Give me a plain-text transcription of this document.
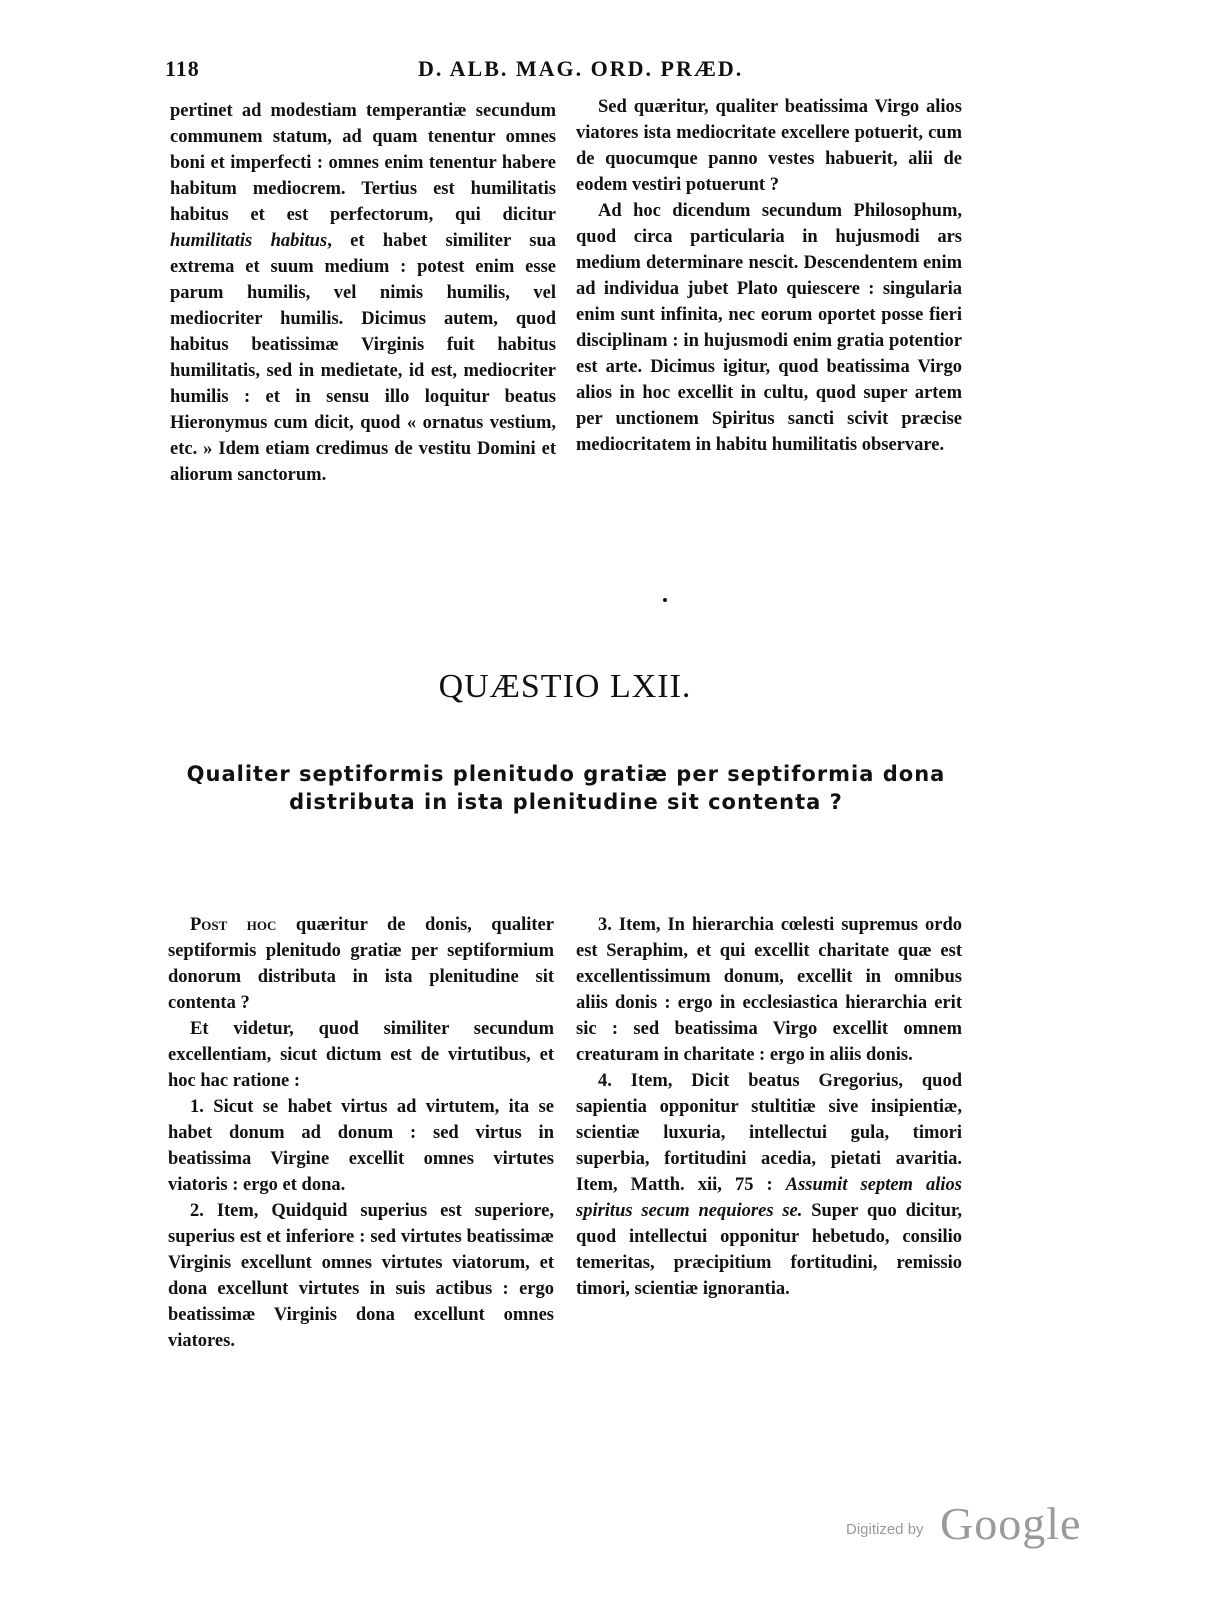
118	D. ALB. MAG. ORD. PRÆD.

pertinet ad modestiam temperantiæ secundum communem statum, ad quam tenentur omnes boni et imperfecti : omnes enim tenentur habere habitum mediocrem. Tertius est humilitatis habitus et est perfectorum, qui dicitur humilitatis habitus, et habet similiter sua extrema et suum medium : potest enim esse parum humilis, vel nimis humilis, vel mediocriter humilis. Dicimus autem, quod habitus beatissimæ Virginis fuit habitus humilitatis, sed in medietate, id est, mediocriter humilis : et in sensu illo loquitur beatus Hieronymus cum dicit, quod « ornatus vestium, etc. » Idem etiam credimus de vestitu Domini et aliorum sanctorum.

Sed quæritur, qualiter beatissima Virgo alios viatores ista mediocritate excellere potuerit, cum de quocumque panno vestes habuerit, alii de eodem vestiri potuerunt ?

Ad hoc dicendum secundum Philosophum, quod circa particularia in hujusmodi ars medium determinare nescit. Descendentem enim ad individua jubet Plato quiescere : singularia enim sunt infinita, nec eorum oportet posse fieri disciplinam : in hujusmodi enim gratia potentior est arte. Dicimus igitur, quod beatissima Virgo alios in hoc excellit in cultu, quod super artem per unctionem Spiritus sancti scivit præcise mediocritatem in habitu humilitatis observare.

QUÆSTIO LXII.
Qualiter septiformis plenitudo gratiæ per septiformia dona distributa in ista plenitudine sit contenta ?

Post hoc quæritur de donis, qualiter septiformis plenitudo gratiæ per septiformium donorum distributa in ista plenitudine sit contenta ?

Et videtur, quod similiter secundum excellentiam, sicut dictum est de virtutibus, et hoc hac ratione :

1. Sicut se habet virtus ad virtutem, ita se habet donum ad donum : sed virtus in beatissima Virgine excellit omnes virtutes viatoris : ergo et dona.

2. Item, Quidquid superius est superiore, superius est et inferiore : sed virtutes beatissimæ Virginis excellunt omnes virtutes viatorum, et dona excellunt virtutes in suis actibus : ergo beatissimæ Virginis dona excellunt omnes viatores.

3. Item, In hierarchia cœlesti supremus ordo est Seraphim, et qui excellit charitate quæ est excellentissimum donum, excellit in omnibus aliis donis : ergo in ecclesiastica hierarchia erit sic : sed beatissima Virgo excellit omnem creaturam in charitate : ergo in aliis donis.

4. Item, Dicit beatus Gregorius, quod sapientia opponitur stultitiæ sive insipientiæ, scientiæ luxuria, intellectui gula, timori superbia, fortitudini acedia, pietati avaritia. Item, Matth. xii, 75 : Assumit septem alios spiritus secum nequiores se. Super quo dicitur, quod intellectui opponitur hebetudo, consilio temeritas, præcipitium fortitudini, remissio timori, scientiæ ignorantia.

Digitized by Google
